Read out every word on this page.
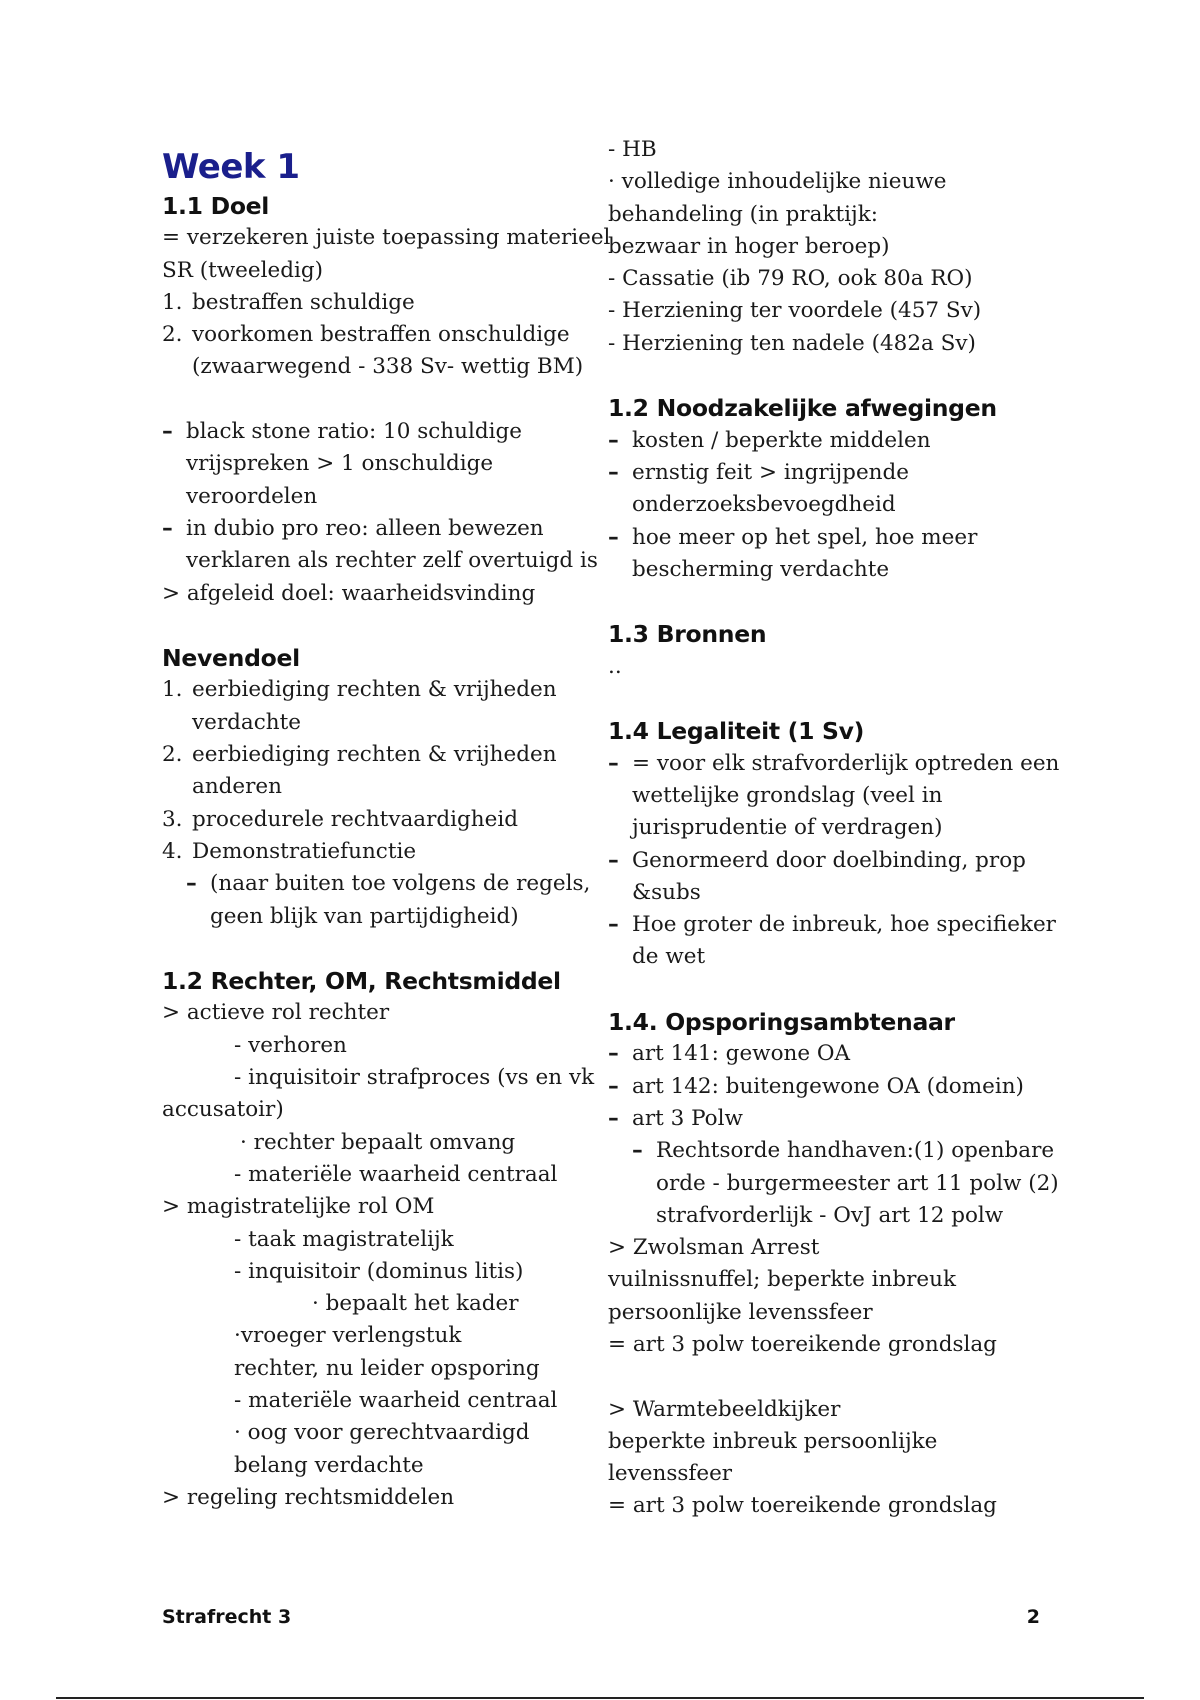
Week 1
1.1 Doel
= verzekeren juiste toepassing materieel
SR (tweeledig)
1. bestraffen schuldige
2. voorkomen bestraffen onschuldige
(zwaarwegend - 338 Sv- wettig BM)
– black stone ratio: 10 schuldige
vrijspreken > 1 onschuldige
veroordelen
– in dubio pro reo: alleen bewezen
verklaren als rechter zelf overtuigd is
> afgeleid doel: waarheidsvinding
Nevendoel
1. eerbiediging rechten & vrijheden
verdachte
2. eerbiediging rechten & vrijheden
anderen
3. procedurele rechtvaardigheid
4. Demonstratiefunctie
– (naar buiten toe volgens de regels,
geen blijk van partijdigheid)
1.2 Rechter, OM, Rechtsmiddel
> actieve rol rechter
- verhoren
- inquisitoir strafproces (vs en vk
accusatoir)
· rechter bepaalt omvang
- materiële waarheid centraal
> magistratelijke rol OM
- taak magistratelijk
- inquisitoir (dominus litis)
· bepaalt het kader
·vroeger verlengstuk
rechter, nu leider opsporing
- materiële waarheid centraal
· oog voor gerechtvaardigd
belang verdachte
> regeling rechtsmiddelen
- HB
· volledige inhoudelijke nieuwe
behandeling (in praktijk:
bezwaar in hoger beroep)
- Cassatie (ib 79 RO, ook 80a RO)
- Herziening ter voordele (457 Sv)
- Herziening ten nadele (482a Sv)
1.2 Noodzakelijke afwegingen
– kosten / beperkte middelen
– ernstig feit > ingrijpende
onderzoeksbevoegdheid
– hoe meer op het spel, hoe meer
bescherming verdachte
1.3 Bronnen
..
1.4 Legaliteit (1 Sv)
– = voor elk strafvorderlijk optreden een
wettelijke grondslag (veel in
jurisprudentie of verdragen)
– Genormeerd door doelbinding, prop
&subs
– Hoe groter de inbreuk, hoe specifieker
de wet
1.4. Opsporingsambtenaar
– art 141: gewone OA
– art 142: buitengewone OA (domein)
– art 3 Polw
– Rechtsorde handhaven:(1) openbare
orde - burgermeester art 11 polw (2)
strafvorderlijk - OvJ art 12 polw
> Zwolsman Arrest
vuilnissnuffel; beperkte inbreuk
persoonlijke levenssfeer
= art 3 polw toereikende grondslag
> Warmtebeeldkijker
beperkte inbreuk persoonlijke
levenssfeer
= art 3 polw toereikende grondslag
Strafrecht 3	2
